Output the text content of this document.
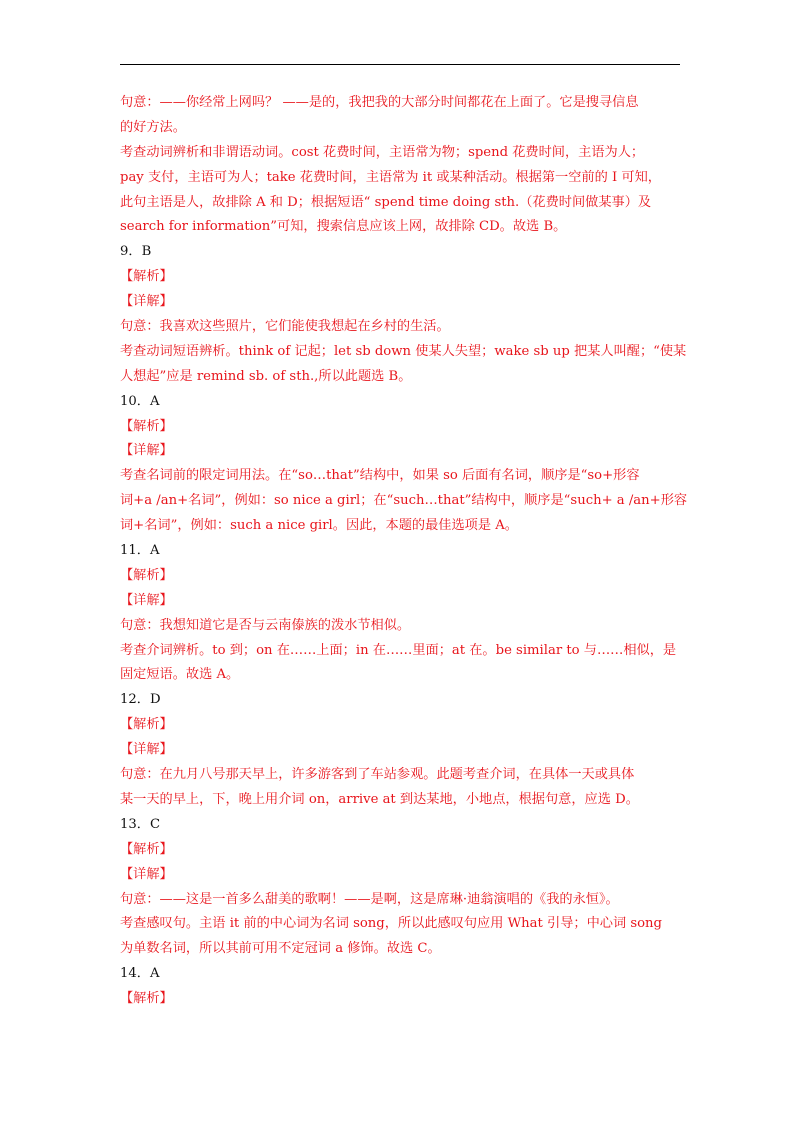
句意：——你经常上网吗？ ——是的，我把我的大部分时间都花在上面了。它是搜寻信息
的好方法。
考查动词辨析和非谓语动词。cost 花费时间，主语常为物；spend 花费时间，主语为人；
pay 支付，主语可为人；take 花费时间，主语常为 it 或某种活动。根据第一空前的 I 可知，
此句主语是人，故排除 A 和 D；根据短语“ spend time doing sth.（花费时间做某事）及
search for information”可知，搜索信息应该上网，故排除 CD。故选 B。
9．B
【解析】
【详解】
句意：我喜欢这些照片，它们能使我想起在乡村的生活。
考查动词短语辨析。think of 记起；let sb down 使某人失望；wake sb up 把某人叫醒；“使某
人想起”应是 remind sb. of sth.,所以此题选 B。
10．A
【解析】
【详解】
考查名词前的限定词用法。在“so…that”结构中，如果 so 后面有名词，顺序是“so+形容
词+a /an+名词”，例如：so nice a girl；在“such…that”结构中，顺序是“such+ a /an+形容
词+名词”，例如：such a nice girl。因此，本题的最佳选项是 A。
11．A
【解析】
【详解】
句意：我想知道它是否与云南傣族的泼水节相似。
考查介词辨析。to 到；on 在……上面；in 在……里面；at 在。be similar to 与……相似，是
固定短语。故选 A。
12．D
【解析】
【详解】
句意：在九月八号那天早上，许多游客到了车站参观。此题考查介词，在具体一天或具体
某一天的早上，下，晚上用介词 on，arrive at 到达某地，小地点，根据句意，应选 D。
13．C
【解析】
【详解】
句意：——这是一首多么甜美的歌啊！——是啊，这是席琳·迪翁演唱的《我的永恒》。
考查感叹句。主语 it 前的中心词为名词 song，所以此感叹句应用 What 引导；中心词 song
为单数名词，所以其前可用不定冠词 a 修饰。故选 C。
14．A
【解析】
